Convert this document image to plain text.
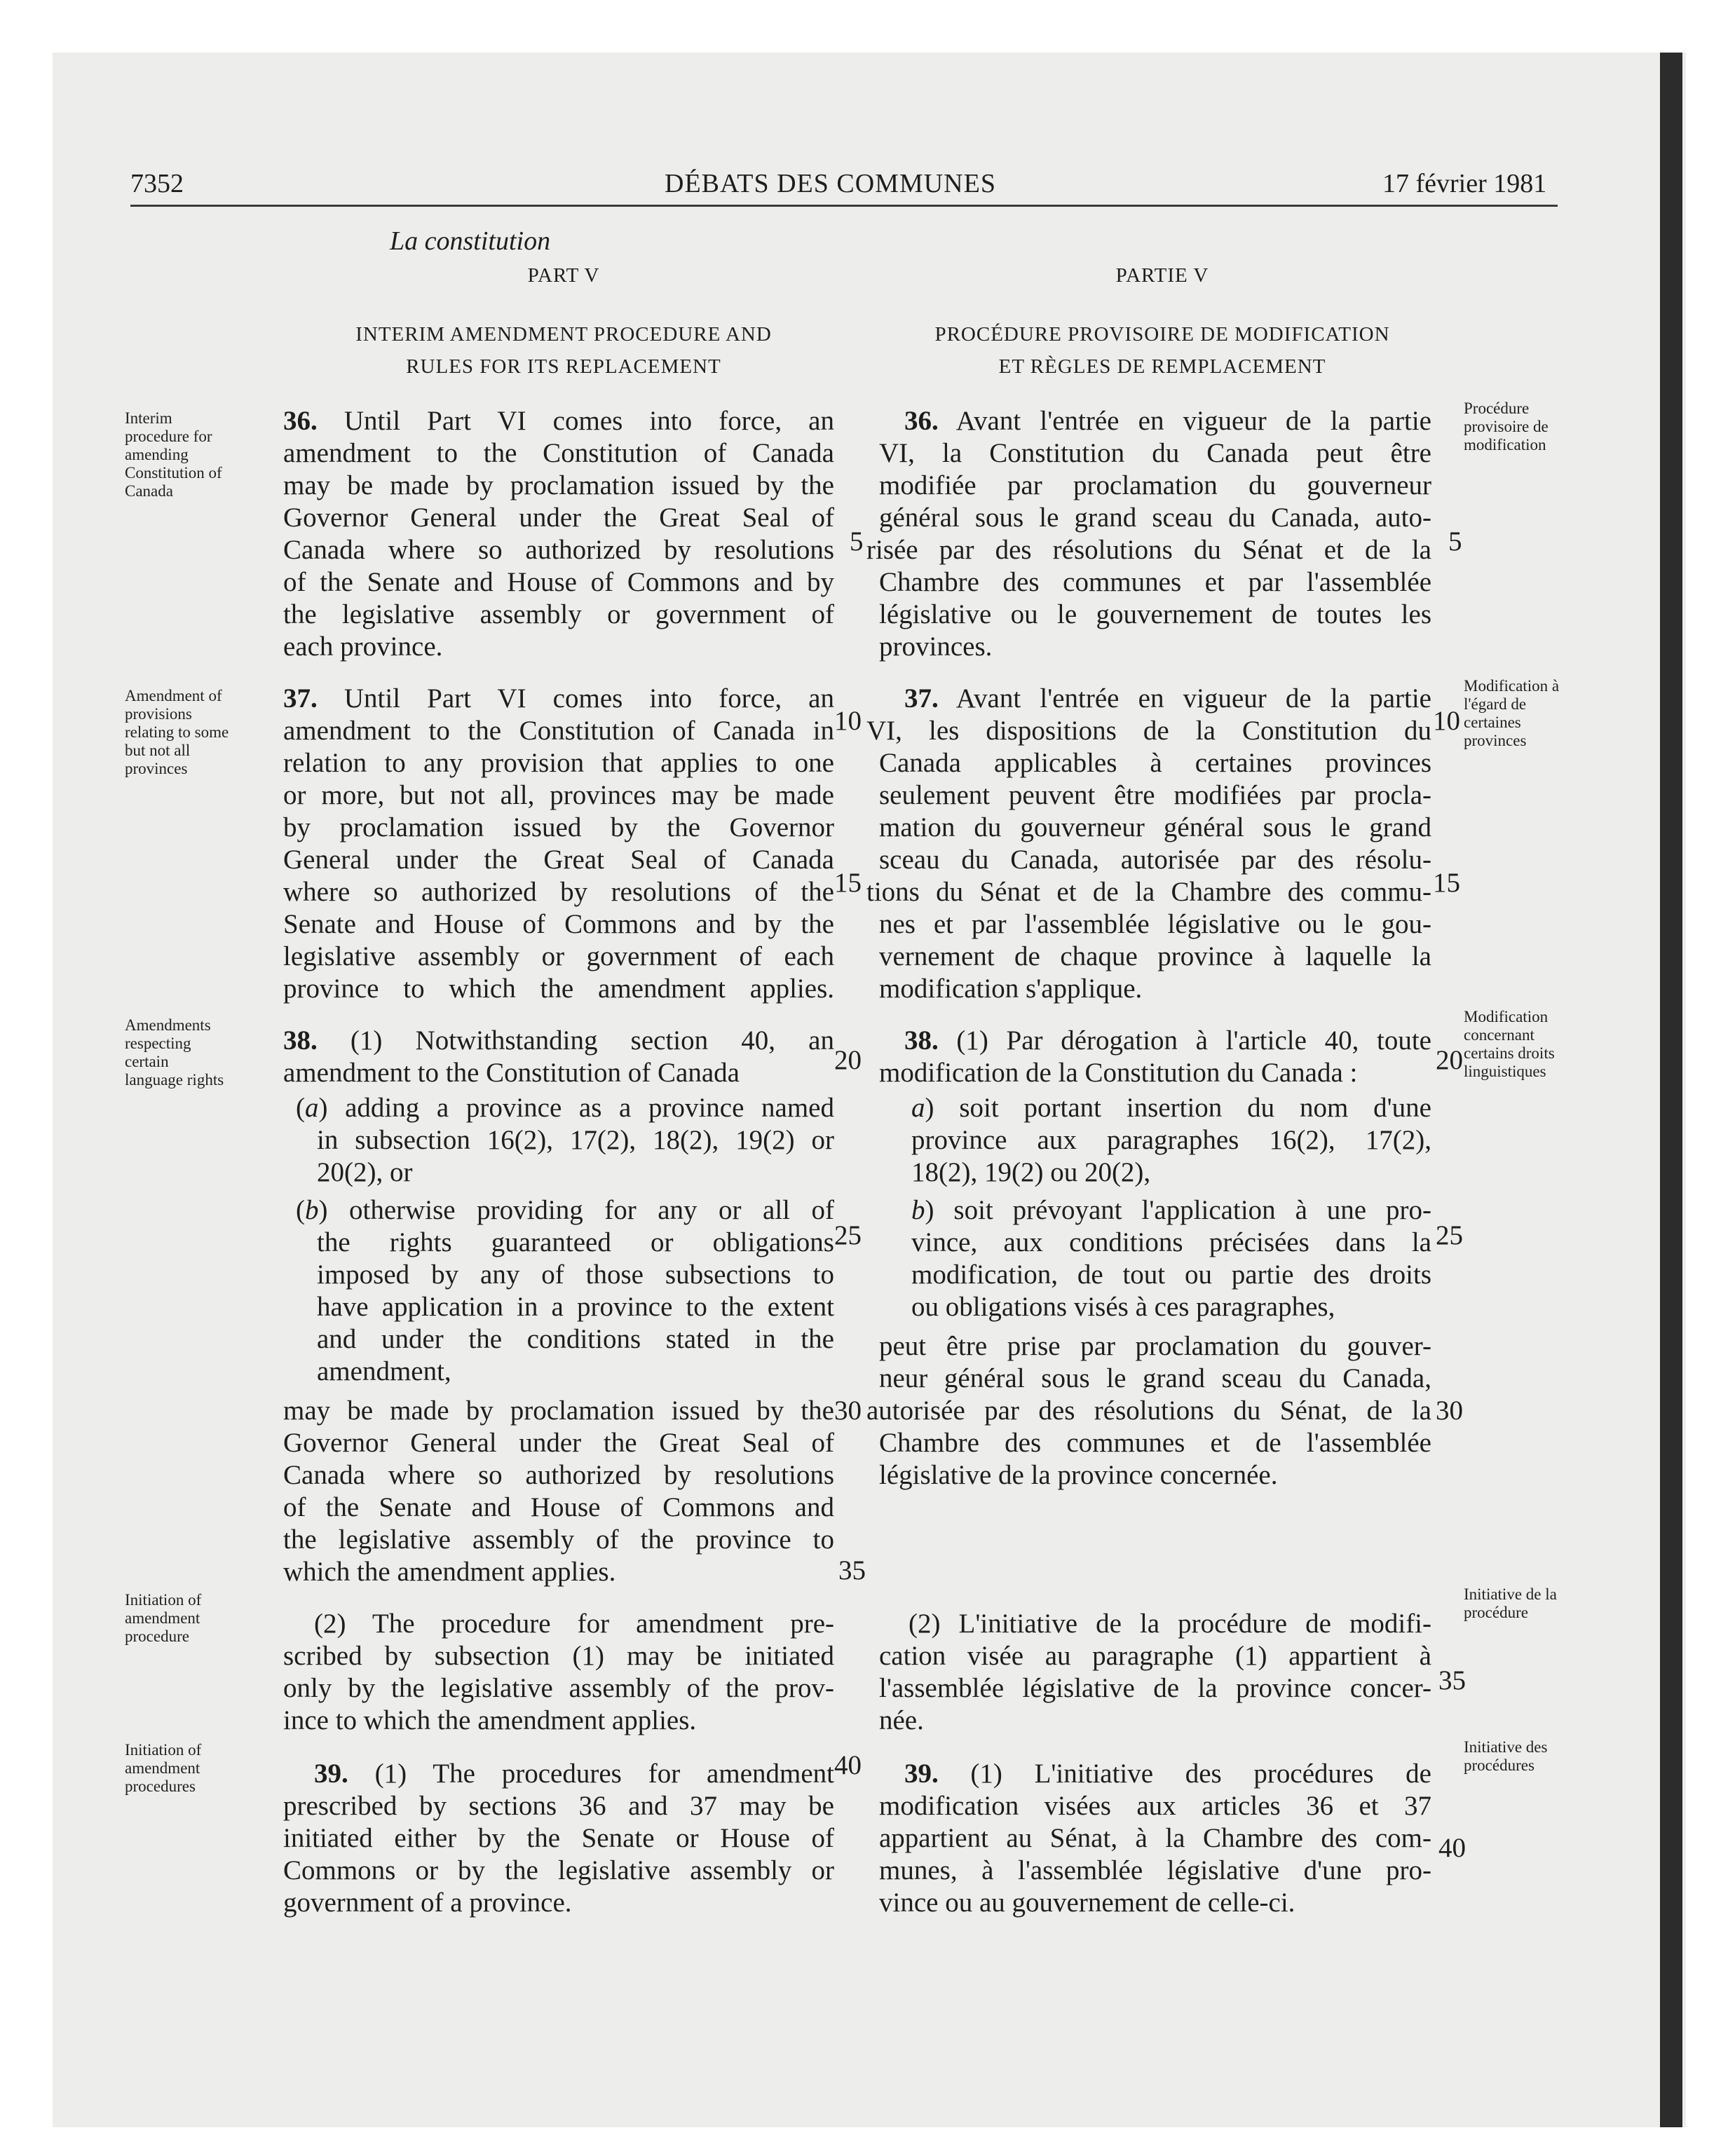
7352	DÉBATS DES COMMUNES	17 février 1981
La constitution
PART V	PARTIE V
INTERIM AMENDMENT PROCEDURE AND
RULES FOR ITS REPLACEMENT
PROCÉDURE PROVISOIRE DE MODIFICATION
ET RÈGLES DE REMPLACEMENT
Interim
procedure for
amending
Constitution of
Canada
Amendment of
provisions
relating to some
but not all
provinces
Amendments
respecting
certain
language rights
Initiation of
amendment
procedure
Initiation of
amendment
procedures
Procédure
provisoire de
modification
Modification à
l'égard de
certaines
provinces
Modification
concernant
certains droits
linguistiques
Initiative de la
procédure
Initiative des
procédures
5
10
15
20
25
30
35
40
5
10
15
20
25
30
35
40
36. Until Part VI comes into force, an
amendment to the Constitution of Canada
may be made by proclamation issued by the
Governor General under the Great Seal of
Canada where so authorized by resolutions
of the Senate and House of Commons and by
the legislative assembly or government of
each province.
37. Until Part VI comes into force, an
amendment to the Constitution of Canada in
relation to any provision that applies to one
or more, but not all, provinces may be made
by proclamation issued by the Governor
General under the Great Seal of Canada
where so authorized by resolutions of the
Senate and House of Commons and by the
legislative assembly or government of each
province to which the amendment applies.
38. (1) Notwithstanding section 40, an
amendment to the Constitution of Canada
(a) adding a province as a province named
in subsection 16(2), 17(2), 18(2), 19(2) or
20(2), or
(b) otherwise providing for any or all of
the rights guaranteed or obligations
imposed by any of those subsections to
have application in a province to the extent
and under the conditions stated in the
amendment,
may be made by proclamation issued by the
Governor General under the Great Seal of
Canada where so authorized by resolutions
of the Senate and House of Commons and
the legislative assembly of the province to
which the amendment applies.
(2) The procedure for amendment pre-
scribed by subsection (1) may be initiated
only by the legislative assembly of the prov-
ince to which the amendment applies.
39. (1) The procedures for amendment
prescribed by sections 36 and 37 may be
initiated either by the Senate or House of
Commons or by the legislative assembly or
government of a province.
36. Avant l'entrée en vigueur de la partie
VI, la Constitution du Canada peut être
modifiée par proclamation du gouverneur
général sous le grand sceau du Canada, auto-
risée par des résolutions du Sénat et de la
Chambre des communes et par l'assemblée
législative ou le gouvernement de toutes les
provinces.
37. Avant l'entrée en vigueur de la partie
VI, les dispositions de la Constitution du
Canada applicables à certaines provinces
seulement peuvent être modifiées par procla-
mation du gouverneur général sous le grand
sceau du Canada, autorisée par des résolu-
tions du Sénat et de la Chambre des commu-
nes et par l'assemblée législative ou le gou-
vernement de chaque province à laquelle la
modification s'applique.
38. (1) Par dérogation à l'article 40, toute
modification de la Constitution du Canada :
a) soit portant insertion du nom d'une
province aux paragraphes 16(2), 17(2),
18(2), 19(2) ou 20(2),
b) soit prévoyant l'application à une pro-
vince, aux conditions précisées dans la
modification, de tout ou partie des droits
ou obligations visés à ces paragraphes,
peut être prise par proclamation du gouver-
neur général sous le grand sceau du Canada,
autorisée par des résolutions du Sénat, de la
Chambre des communes et de l'assemblée
législative de la province concernée.
(2) L'initiative de la procédure de modifi-
cation visée au paragraphe (1) appartient à
l'assemblée législative de la province concer-
née.
39. (1) L'initiative des procédures de
modification visées aux articles 36 et 37
appartient au Sénat, à la Chambre des com-
munes, à l'assemblée législative d'une pro-
vince ou au gouvernement de celle-ci.
